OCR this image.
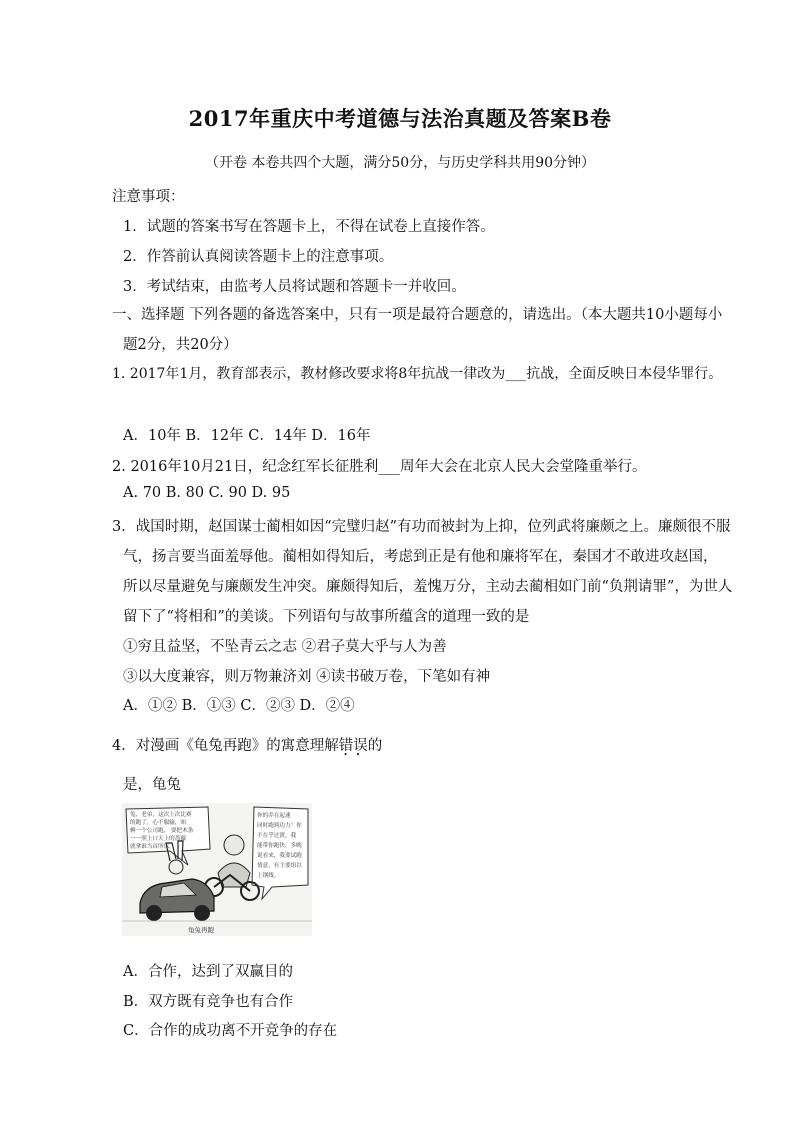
2017年重庆中考道德与法治真题及答案B卷
（开卷 本卷共四个大题，满分50分，与历史学科共用90分钟）
注意事项：
1．试题的答案书写在答题卡上，不得在试卷上直接作答。
2．作答前认真阅读答题卡上的注意事项。
3．考试结束，由监考人员将试题和答题卡一并收回。
一、选择题 下列各题的备选答案中，只有一项是最符合题意的，请选出。（本大题共10小题每小
题2分，共20分）
1. 2017年1月，教育部表示，教材修改要求将8年抗战一律改为___抗战，全面反映日本侵华罪行。
A．10年 B．12年 C．14年 D．16年
2. 2016年10月21日，纪念红军长征胜利___周年大会在北京人民大会堂隆重举行。
A. 70 B. 80 C. 90 D. 95
3．战国时期，赵国谋士蔺相如因“完璧归赵”有功而被封为上抑，位列武将廉颇之上。廉颇很不服
气，扬言要当面羞辱他。蔺相如得知后，考虑到正是有他和廉将军在，秦国才不敢进攻赵国，
所以尽量避免与廉颇发生冲突。廉颇得知后，羞愧万分，主动去蔺相如门前“负荆请罪”，为世人
留下了“将相和”的美谈。下列语句与故事所蕴含的道理一致的是
①穷且益坚，不坠青云之志 ②君子莫大乎与人为善
③以大度兼容，则万物兼济刘 ④读书破万卷，下笔如有神
A．①② B．①③ C．②③ D．②④
4．对漫画《龟兔再跑》的寓意理解错误 • •的
是，龟兔
兔，老弟，这次上次比赛 的跑了，心不服输，咱 俩一个公司跑， 要把木条 一一照上口天上的蔷薇 就拿谁当首所以。
你的乔在起速 同时跑到功力！你 不在乎过渡，我 能带你跑快，多晚 说看来，我要试跑 情意，有主要组以 上钢线。
龟兔再跑
A．合作，达到了双赢目的
B．双方既有竞争也有合作
C．合作的成功离不开竞争的存在
